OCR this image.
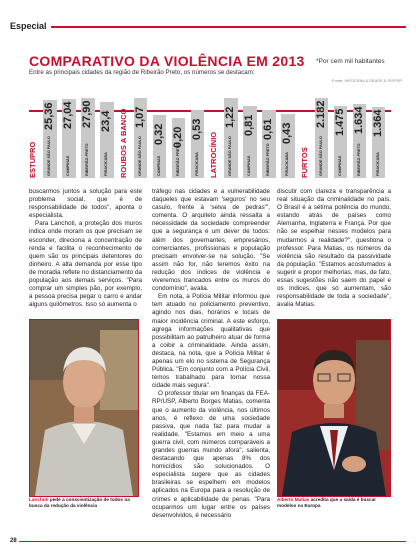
Especial
COMPARATIVO DA VIOLÊNCIA EM 2013 *Por cem mil habitantes
Entre as principais cidades da região de Ribeirão Preto, os números se destacam:
Fonte: INFOCRIM & SEADE & SSP/SP
ESTUPRO
25,36
GRANDE SÃO PAULO
27,04
CAMPINAS
27,90
RIBEIRÃO PRETO
23,4
PIRACICABA ROUBOS A BANCO 1,07
GRANDE SÃO PAULO
0,32
CAMPINAS
0,20
RIBEIRÃO PRETO
0,53
PIRACICABA LATROCÍNIO
1,22
GRANDE SÃO PAULO
0,81
CAMPINAS
0,61
RIBEIRÃO PRETO
0,43
PIRACICABA FURTOS
2.182
GRANDE SÃO PAULO
1.475
CAMPINAS
1.634
RIBEIRÃO PRETO
1.364
PIRACICABA

buscarmos juntos a solução para este problema social, que é de responsabilidade de todos", aponta o especialista.

Para Lanchoti, a proteção dos muros indica onde moram os que precisam se esconder, direciona a concentração de renda e facilita o reconhecimento de quem são os principais detentores do dinheiro. A alta demanda por esse tipo de moradia reflete no distanciamento da população aos demais serviços. "Para comprar um simples pão, por exemplo, a pessoa precisa pegar o carro e andar alguns quilômetros. Isso só aumenta o

tráfego nas cidades e a vulnerabilidade daqueles que estavam 'seguros' no seu casulo, frente à 'selva de pedras'", comenta. O arquiteto ainda ressalta a necessidade da sociedade compreender que a segurança é um dever de todos: além dos governantes, empresários, comerciantes, profissionais e população precisam envolver-se na solução. "Se assim não for, não teremos êxito na redução dos índices de violência e viveremos trancados entre os muros do condomínio", avalia.

Em nota, a Polícia Militar informou que tem atuado no policiamento preventivo, agindo nos dias, horários e locais de maior incidência criminal. A este esforço, agrega informações qualitativas que possibilitam ao patrulheiro atuar de forma a coibir a criminalidade. Ainda assim, destaca, na nota, que a Polícia Militar é apenas um elo no sistema de Segurança Pública. "Em conjunto com a Polícia Civil, temos trabalhado para tornar nossa cidade mais segura".

O professor titular em finanças da FEA-RP/USP, Alberto Borges Matias, comenta que o aumento da violência, nos últimos anos, é reflexo de uma sociedade passiva, que nada faz para mudar a realidade. "Estamos em meio a uma guerra civil, com números comparáveis a grandes guerras mundo afora", salienta, destacando que apenas 8% dos homicídios são solucionados. O especialista sugere que as cidades brasileiras se espelhem em modelos aplicados na Europa para a resolução de crimes e aplicabilidade de penas. "Para ocuparmos um lugar entre os países desenvolvidos, é necessário

discutir com clareza e transparência a real situação da criminalidade no país. O Brasil é a sétima potência do mundo, estando atrás de países como Alemanha, Inglaterra e França. Por que não se espelhar nesses modelos para mudarmos a realidade?", questiona o professor. Para Matias, os números da violência são resultado da passividade da população. "Estamos acostumados a sugerir e propor melhorias, mas, de fato, essas sugestões não saem do papel e os índices, que só aumentam, são responsabilidade de toda a sociedade", avalia Matias.

Lanchoti pede a conscientização de todos na busca da redução da violência
Alberto Matias acredita que a saída é buscar modelos na Europa
28
